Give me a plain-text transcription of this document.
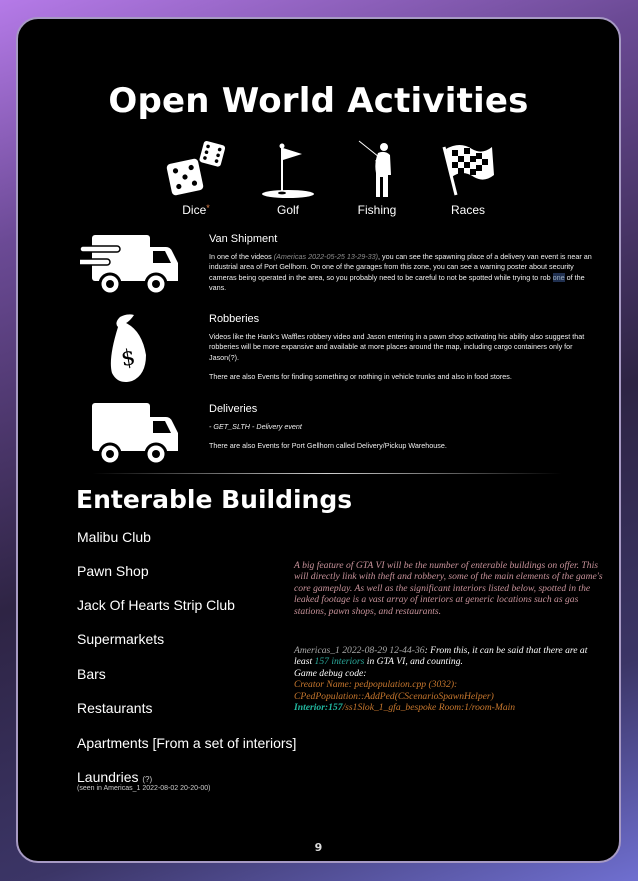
Open World Activities
Dice*	Golf	Fishing	Races
Van Shipment

In one of the videos (Americas 2022-05-25 13-29-33), you can see the spawning place of a delivery van event is near an industrial area of Port Gellhorn. On one of the garages from this zone, you can see a warning poster about security cameras being operated in the area, so you probably need to be careful to not be spotted while trying to rob one of the vans.

$
Robberies

Videos like the Hank's Waffles robbery video and Jason entering in a pawn shop activating his ability also suggest that robberies will be more expansive and available at more places around the map, including cargo containers only for Jason(?).

There are also Events for finding something or nothing in vehicle trunks and also in food stores.

Deliveries

- GET_SLTH - Delivery event

There are also Events for Port Gellhorn called Delivery/Pickup Warehouse.

Enterable Buildings
Malibu Club
Pawn Shop
Jack Of Hearts Strip Club
Supermarkets
Bars
Restaurants
Apartments [From a set of interiors]
Laundries (?)
(seen in Americas_1 2022-08-02 20-20-00)
A big feature of GTA VI will be the number of enterable buildings on offer. This will directly link with theft and robbery, some of the main elements of the game's core gameplay. As well as the significant interiors listed below, spotted in the leaked footage is a vast array of interiors at generic locations such as gas stations, pawn shops, and restaurants.
Americas_1 2022-08-29 12-44-36: From this, it can be said that there are at least 157 interiors in GTA VI, and counting.
Game debug code:
Creator Name: pedpopulation.cpp (3032):
CPedPopulation::AddPed(CScenarioSpawnHelper)
Interior:157/ss1Slok_1_gfa_bespoke Room:1/room-Main
9
